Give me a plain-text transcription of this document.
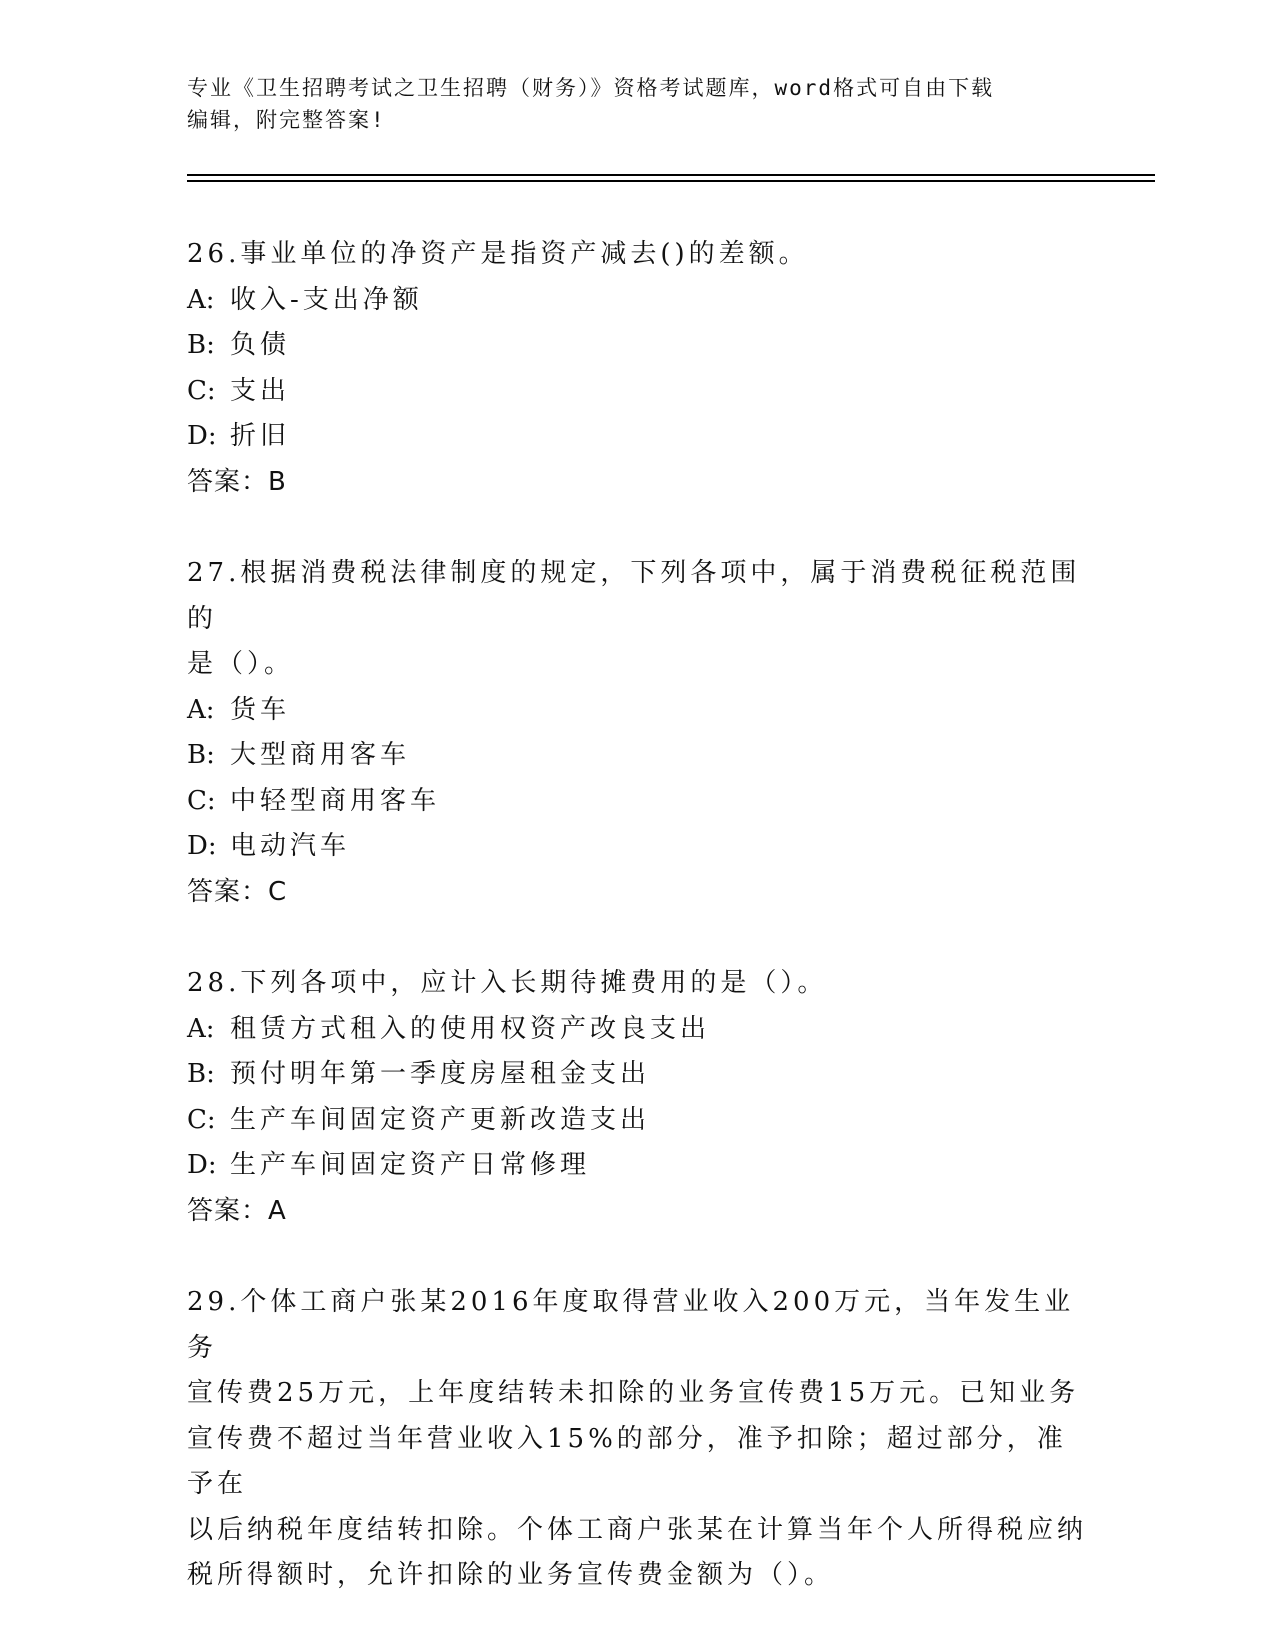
专业《卫生招聘考试之卫生招聘（财务）》资格考试题库，word格式可自由下载
编辑，附完整答案!
26.事业单位的净资产是指资产减去()的差额。
A: 收入-支出净额
B: 负债
C: 支出
D: 折旧
答案：B
27.根据消费税法律制度的规定，下列各项中，属于消费税征税范围的
是（）。
A: 货车
B: 大型商用客车
C: 中轻型商用客车
D: 电动汽车
答案：C
28.下列各项中，应计入长期待摊费用的是（）。
A: 租赁方式租入的使用权资产改良支出
B: 预付明年第一季度房屋租金支出
C: 生产车间固定资产更新改造支出
D: 生产车间固定资产日常修理
答案：A
29.个体工商户张某2016年度取得营业收入200万元，当年发生业务
宣传费25万元，上年度结转未扣除的业务宣传费15万元。已知业务
宣传费不超过当年营业收入15%的部分，准予扣除；超过部分，准予在
以后纳税年度结转扣除。个体工商户张某在计算当年个人所得税应纳
税所得额时，允许扣除的业务宣传费金额为（）。
